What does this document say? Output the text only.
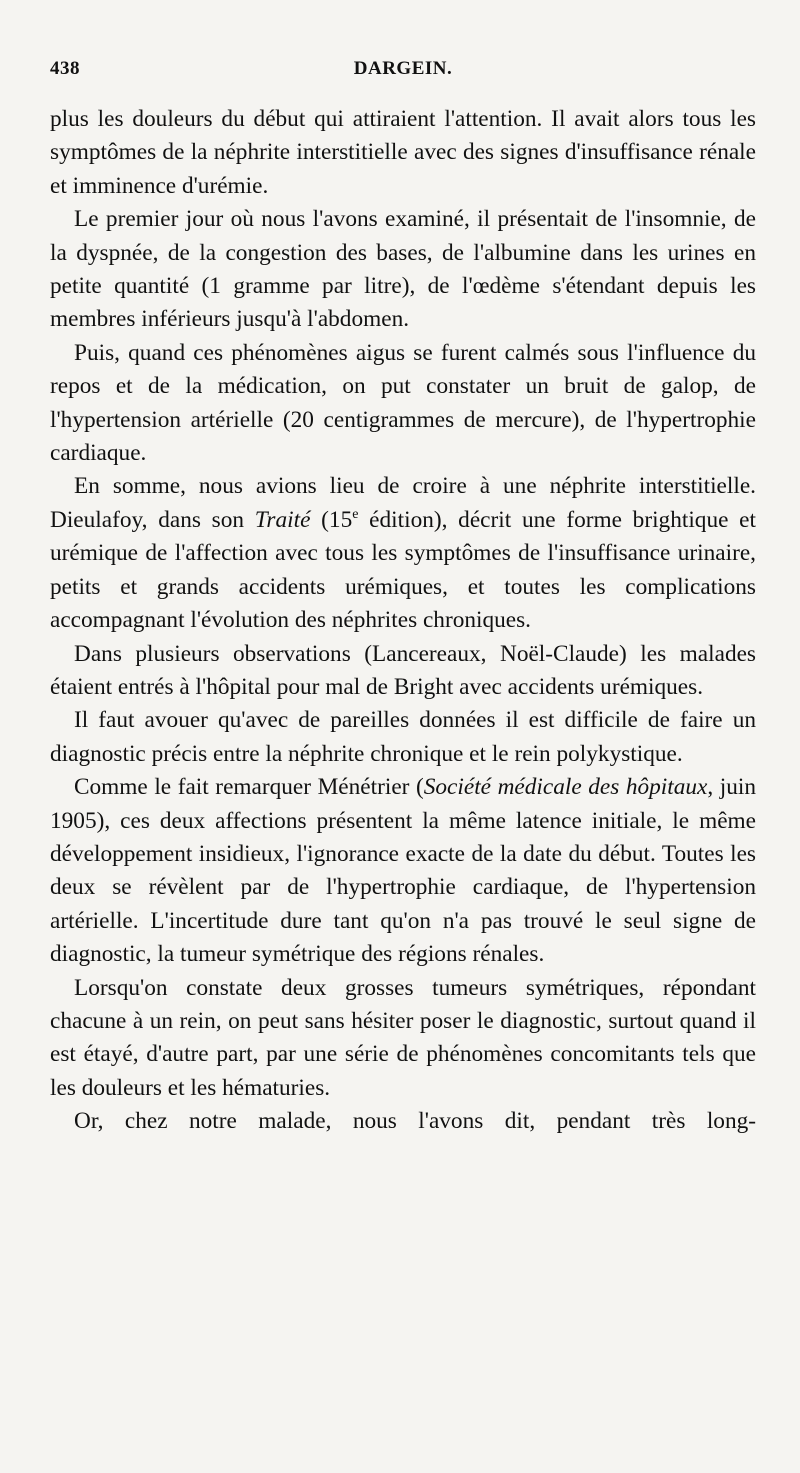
438	DARGEIN.

plus les douleurs du début qui attiraient l'attention. Il avait alors tous les symptômes de la néphrite interstitielle avec des signes d'insuffisance rénale et imminence d'urémie.

Le premier jour où nous l'avons examiné, il présentait de l'insomnie, de la dyspnée, de la congestion des bases, de l'albumine dans les urines en petite quantité (1 gramme par litre), de l'œdème s'étendant depuis les membres inférieurs jusqu'à l'abdomen.

Puis, quand ces phénomènes aigus se furent calmés sous l'influence du repos et de la médication, on put constater un bruit de galop, de l'hypertension artérielle (20 centigrammes de mercure), de l'hypertrophie cardiaque.

En somme, nous avions lieu de croire à une néphrite interstitielle. Dieulafoy, dans son Traité (15e édition), décrit une forme brightique et urémique de l'affection avec tous les symptômes de l'insuffisance urinaire, petits et grands accidents urémiques, et toutes les complications accompagnant l'évolution des néphrites chroniques.

Dans plusieurs observations (Lancereaux, Noël-Claude) les malades étaient entrés à l'hôpital pour mal de Bright avec accidents urémiques.

Il faut avouer qu'avec de pareilles données il est difficile de faire un diagnostic précis entre la néphrite chronique et le rein polykystique.

Comme le fait remarquer Ménétrier (Société médicale des hôpitaux, juin 1905), ces deux affections présentent la même latence initiale, le même développement insidieux, l'ignorance exacte de la date du début. Toutes les deux se révèlent par de l'hypertrophie cardiaque, de l'hypertension artérielle. L'incertitude dure tant qu'on n'a pas trouvé le seul signe de diagnostic, la tumeur symétrique des régions rénales.

Lorsqu'on constate deux grosses tumeurs symétriques, répondant chacune à un rein, on peut sans hésiter poser le diagnostic, surtout quand il est étayé, d'autre part, par une série de phénomènes concomitants tels que les douleurs et les hématuries.

Or, chez notre malade, nous l'avons dit, pendant très long-
